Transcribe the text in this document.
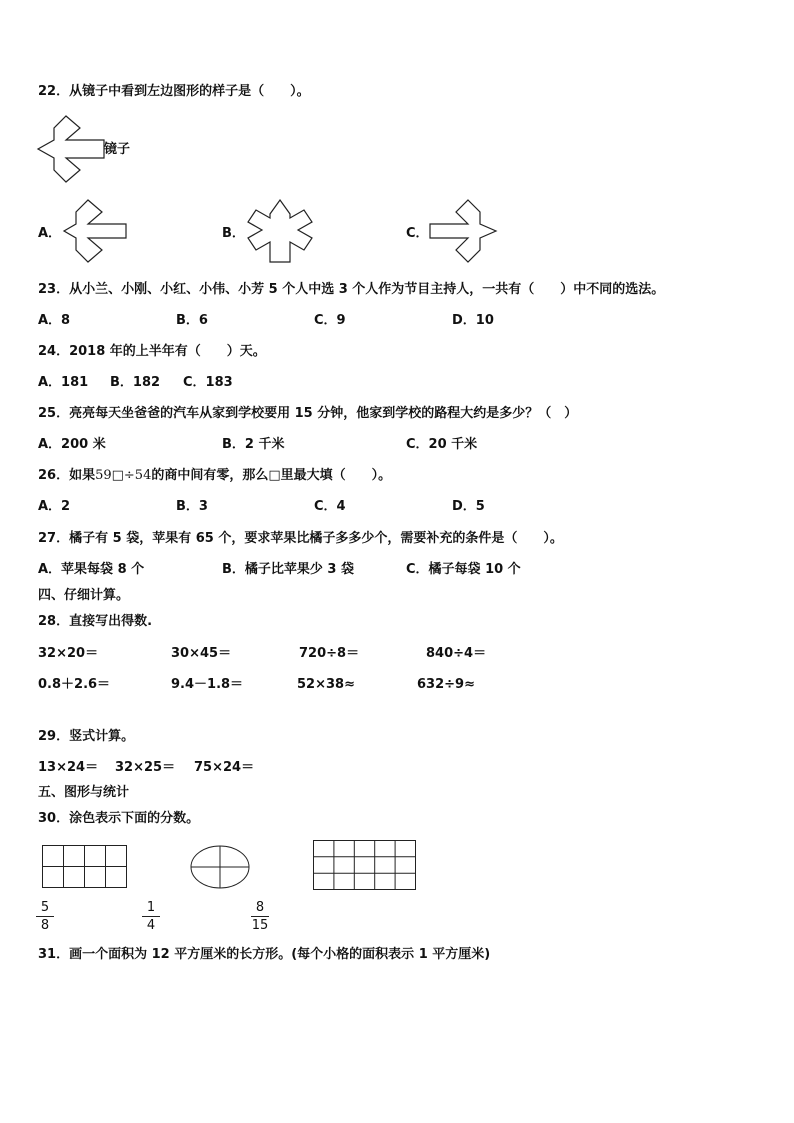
22．从镜子中看到左边图形的样子是（　　）。
镜子
A．	B．	C．
23．从小兰、小刚、小红、小伟、小芳 5 个人中选 3 个人作为节目主持人，一共有（　　）中不同的选法。
A．8	B．6	C．9	D．10
24．2018 年的上半年有（　　）天。
A．181 B．182 C．183
25．亮亮每天坐爸爸的汽车从家到学校要用 15 分钟，他家到学校的路程大约是多少？（　）
A．200 米	B．2 千米	C．20 千米
26．如果59□÷54的商中间有零，那么□里最大填（　　）。
A．2	B．3	C．4	D．5
27．橘子有 5 袋，苹果有 65 个，要求苹果比橘子多多少个，需要补充的条件是（　　）。
A．苹果每袋 8 个	B．橘子比苹果少 3 袋	C．橘子每袋 10 个
四、仔细计算。
28．直接写出得数.
32×20＝	30×45＝	720÷8＝	840÷4＝
0.8＋2.6＝	9.4－1.8＝	52×38≈	632÷9≈
29．竖式计算。
13×24＝ 32×25＝ 75×24＝
五、图形与统计
30．涂色表示下面的分数。
5
8
1
4
8
15
31．画一个面积为 12 平方厘米的长方形。(每个小格的面积表示 1 平方厘米)
